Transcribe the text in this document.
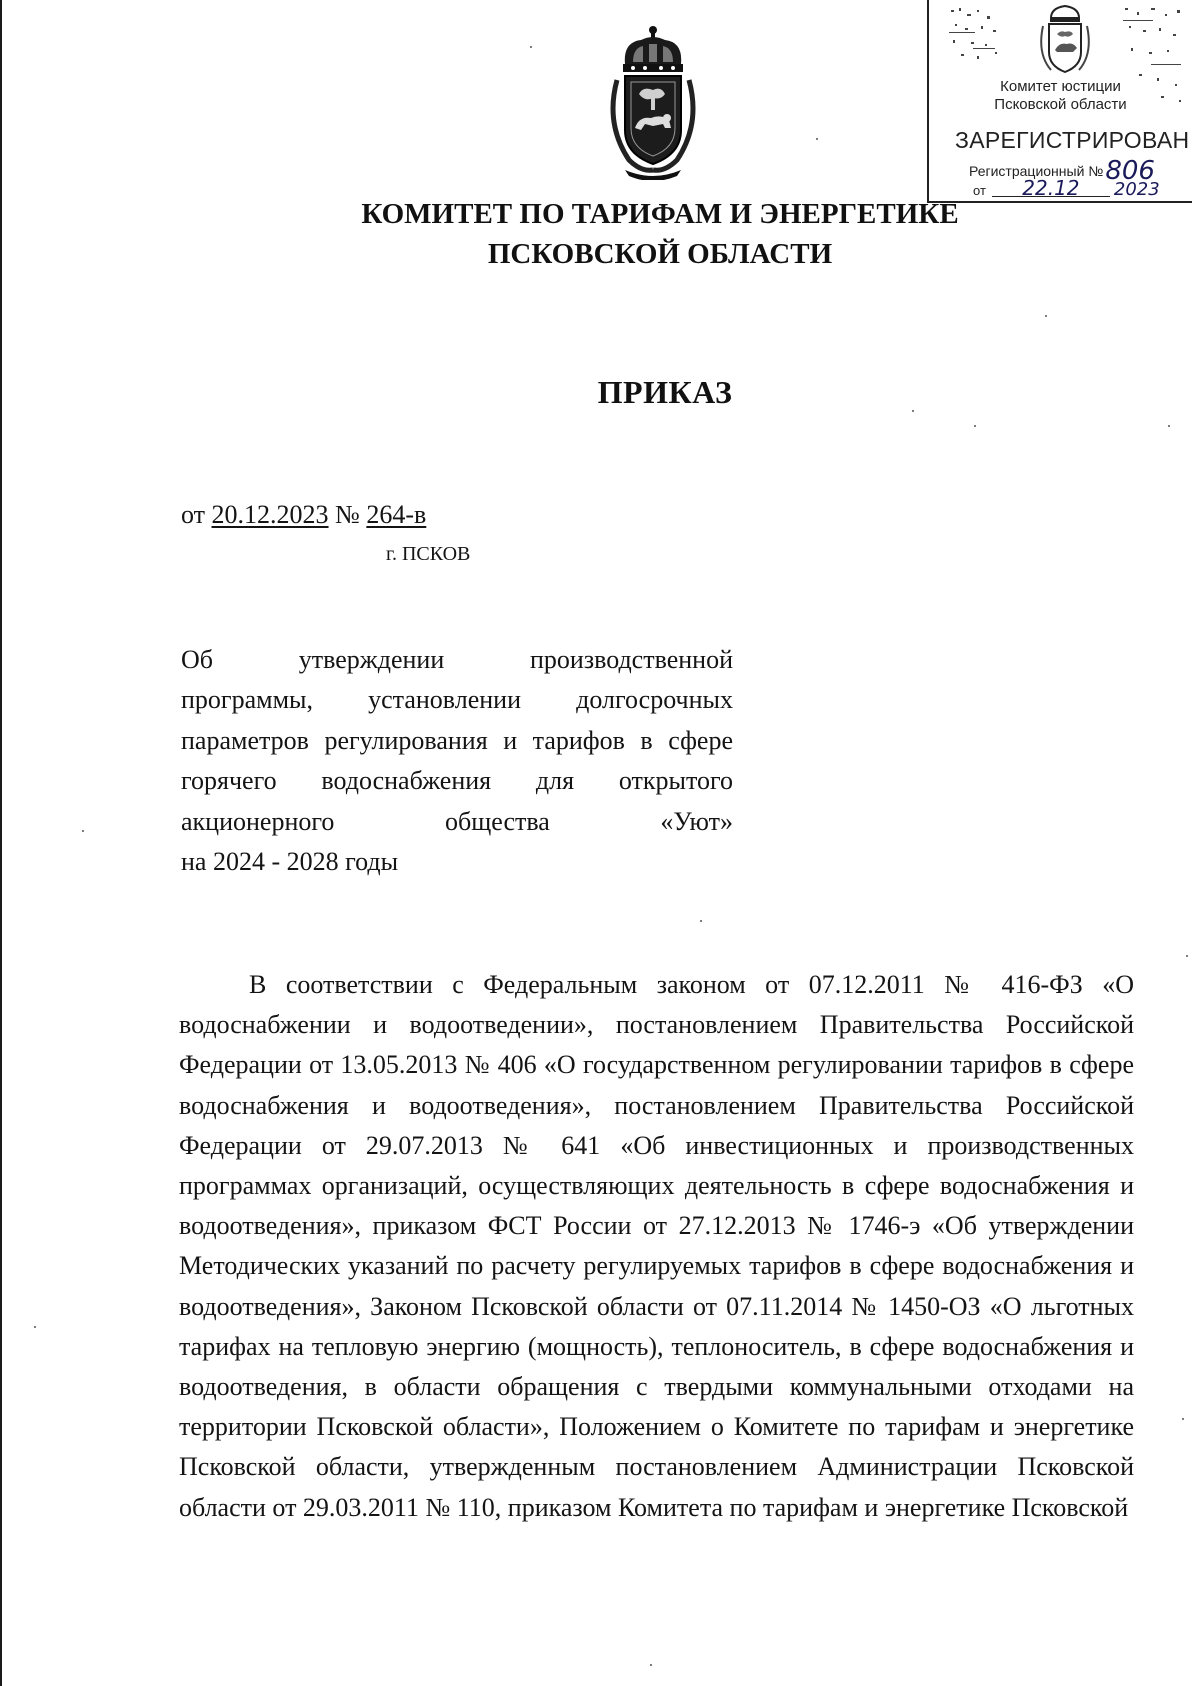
Комитет юстиции
Псковской области
ЗАРЕГИСТРИРОВАН
Регистрационный №806
от 22.12 2023
КОМИТЕТ ПО ТАРИФАМ И ЭНЕРГЕТИКЕ
ПСКОВСКОЙ ОБЛАСТИ
ПРИКАЗ
от 20.12.2023 № 264-в
г. ПСКОВ
Об утверждении производственной
программы, установлении долгосрочных
параметров регулирования и тарифов в сфере
горячего водоснабжения для открытого
акционерного общества «Уют»
на 2024 - 2028 годы

В соответствии с Федеральным законом от 07.12.2011 № 416-ФЗ «О водоснабжении и водоотведении», постановлением Правительства Российской Федерации от 13.05.2013 № 406 «О государственном регулировании тарифов в сфере водоснабжения и водоотведения», постановлением Правительства Российской Федерации от 29.07.2013 № 641 «Об инвестиционных и производственных программах организаций, осуществляющих деятельность в сфере водоснабжения и водоотведения», приказом ФСТ России от 27.12.2013 № 1746-э «Об утверждении Методических указаний по расчету регулируемых тарифов в сфере водоснабжения и водоотведения», Законом Псковской области от 07.11.2014 № 1450-ОЗ «О льготных тарифах на тепловую энергию (мощность), теплоноситель, в сфере водоснабжения и водоотведения, в области обращения с твердыми коммунальными отходами на территории Псковской области», Положением о Комитете по тарифам и энергетике Псковской области, утвержденным постановлением Администрации Псковской области от 29.03.2011 № 110, приказом Комитета по тарифам и энергетике Псковской
